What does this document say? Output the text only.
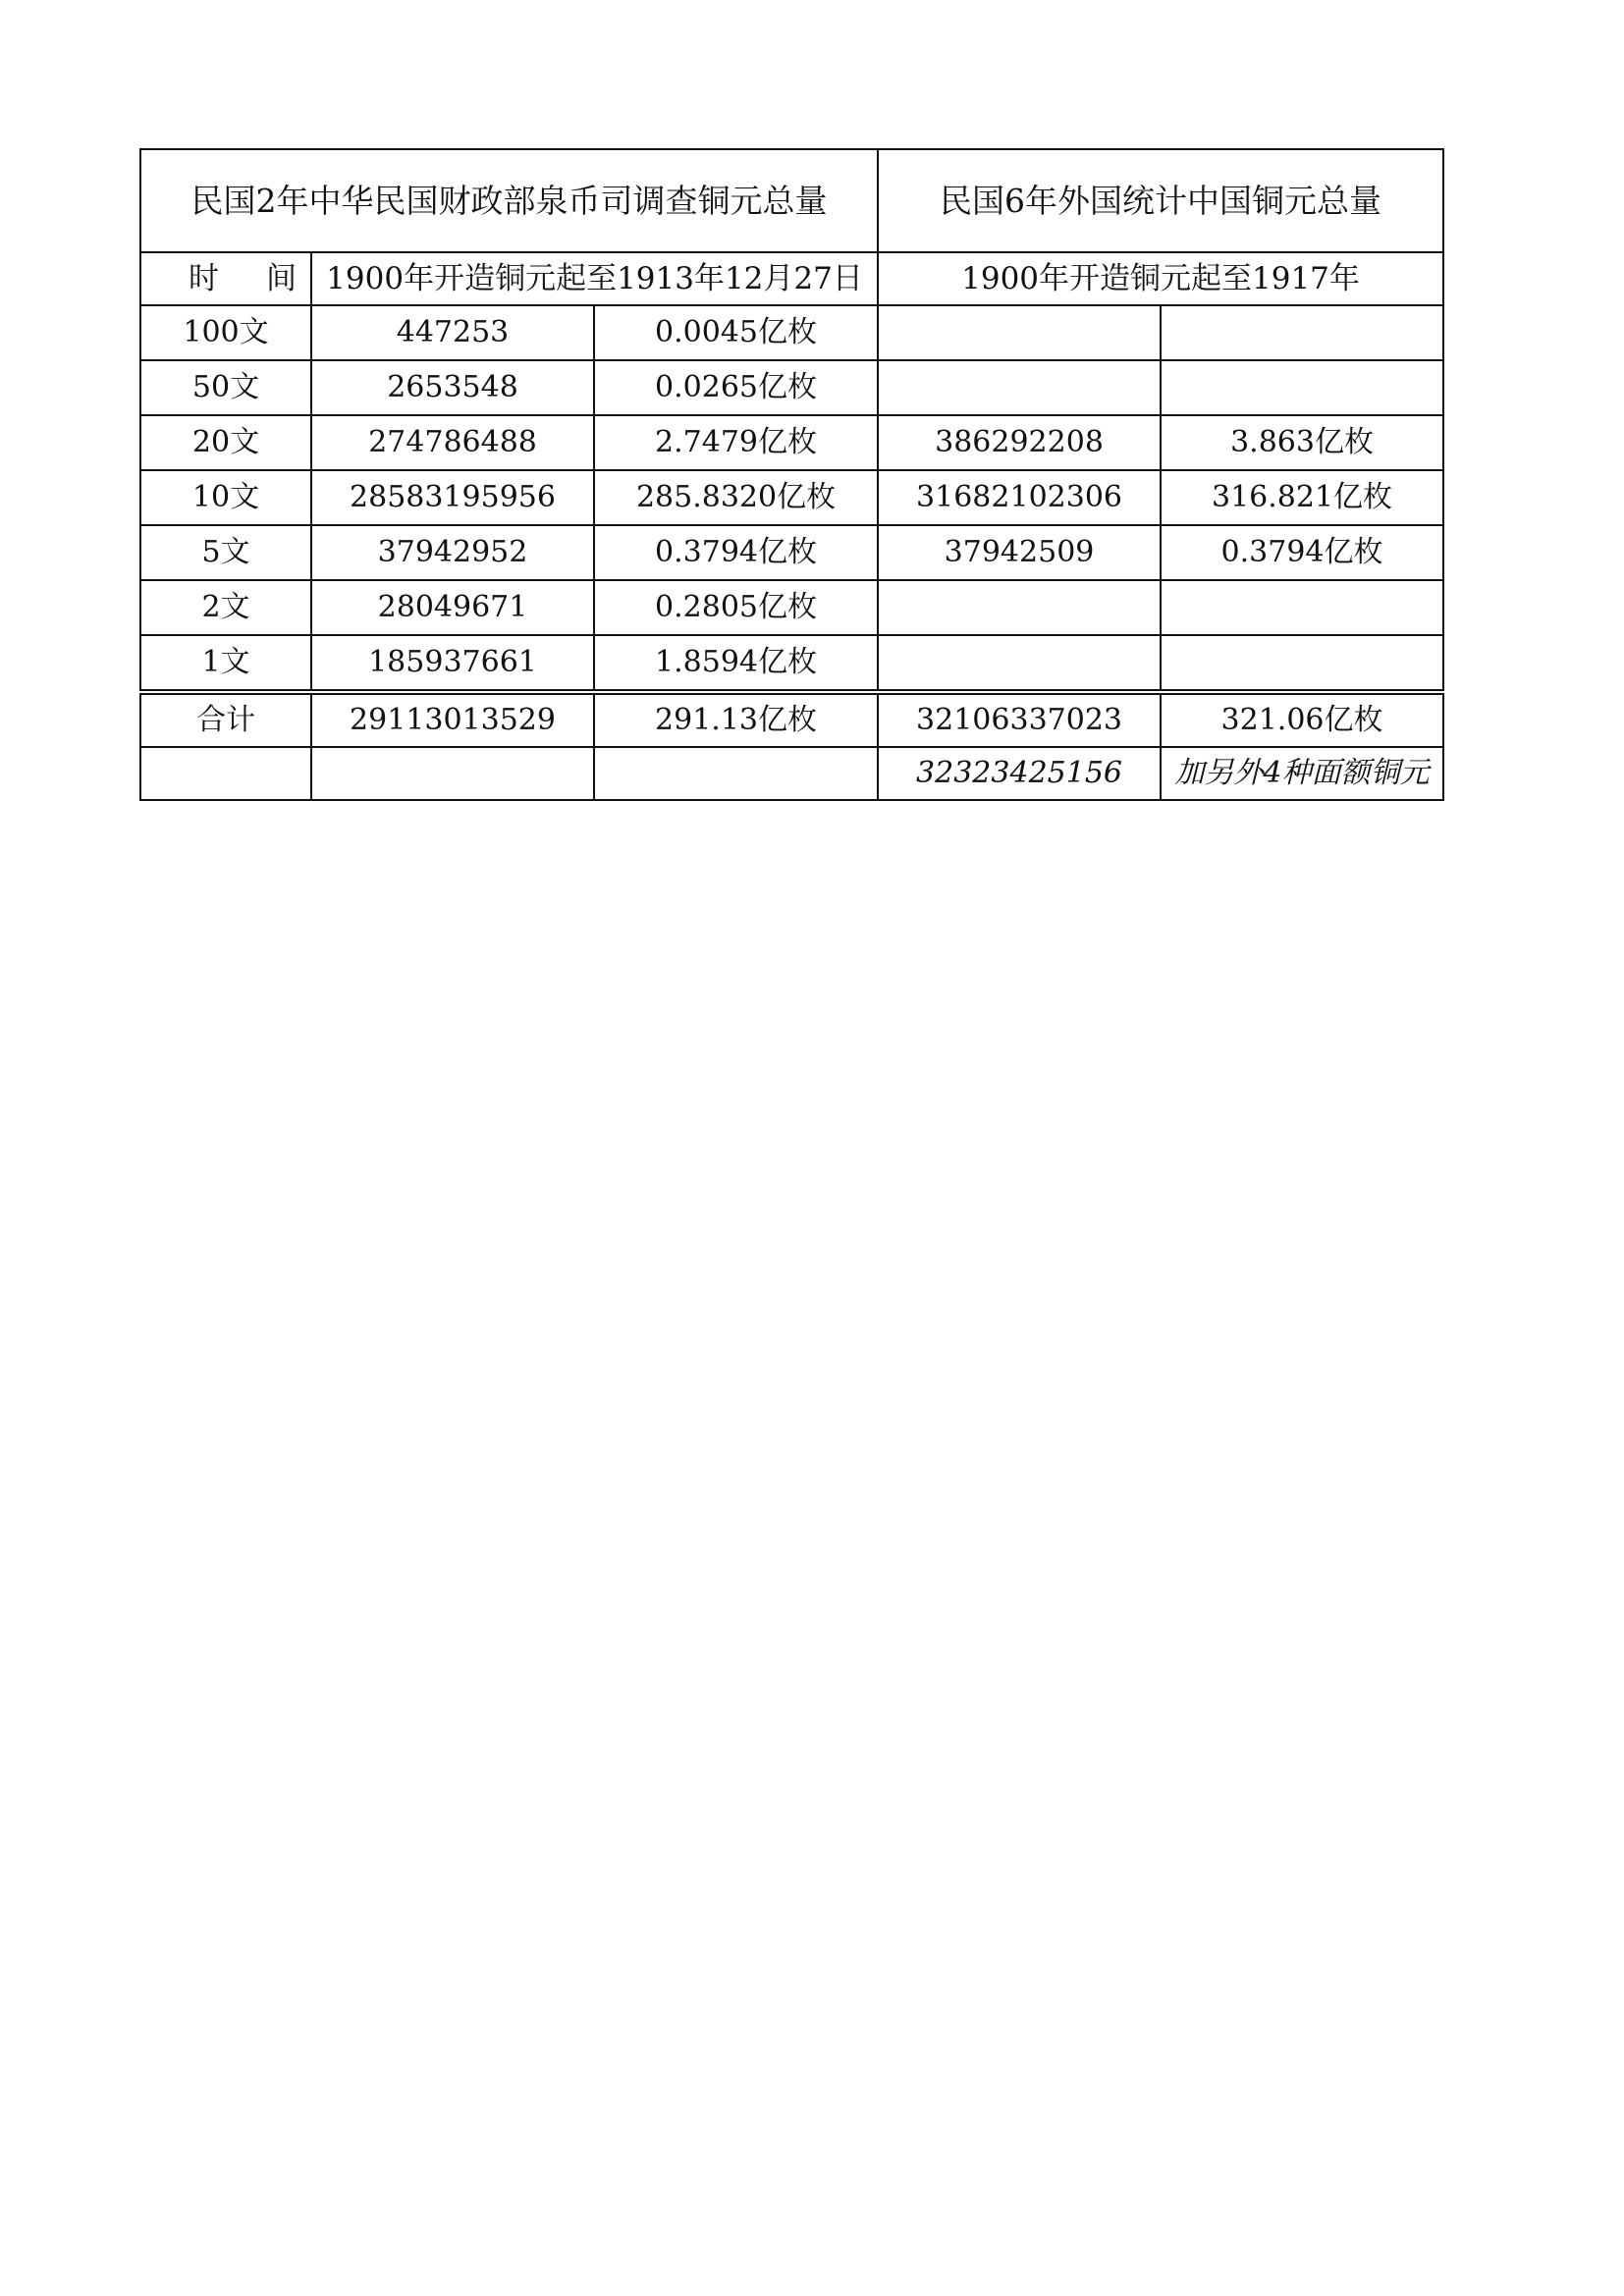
民国2年中华民国财政部泉币司调查铜元总量			民国6年外国统计中国铜元总量	
时间	1900年开造铜元起至1913年12月27日		1900年开造铜元起至1917年	
100文	447253	0.0045亿枚		
50文	2653548	0.0265亿枚		
20文	274786488	2.7479亿枚	386292208	3.863亿枚
10文	28583195956	285.8320亿枚	31682102306	316.821亿枚
5文	37942952	0.3794亿枚	37942509	0.3794亿枚
2文	28049671	0.2805亿枚		
1文	185937661	1.8594亿枚		
合计	29113013529	291.13亿枚	32106337023	321.06亿枚
			32323425156	加另外4种面额铜元
